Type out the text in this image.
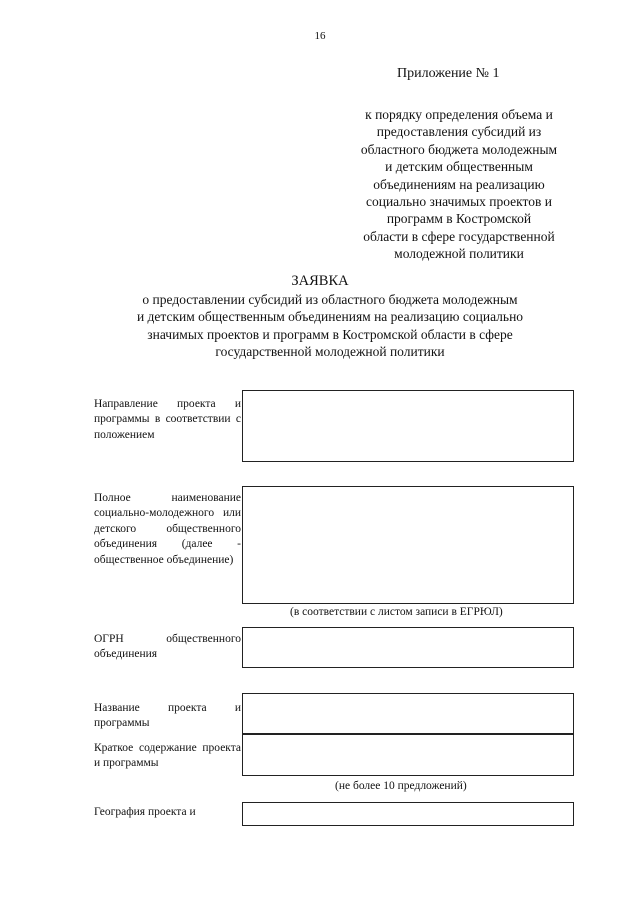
16
Приложение № 1
к порядку определения объема и
предоставления субсидий из
областного бюджета молодежным
и детским общественным
объединениям на реализацию
социально значимых проектов и
программ в Костромской
области в сфере государственной
молодежной политики
ЗАЯВКА
о предоставлении субсидий из областного бюджета молодежным
и детским общественным объединениям на реализацию социально
значимых проектов и программ в Костромской области в сфере
государственной молодежной политики
Направление проекта и программы в соответствии с положением
Полное наименование социально-молодежного или детского общественного объединения (далее - общественное объединение)
(в соответствии с листом записи в ЕГРЮЛ)
ОГРН общественного объединения
Название проекта и программы
Краткое содержание проекта и программы
(не более 10 предложений)
География проекта и
